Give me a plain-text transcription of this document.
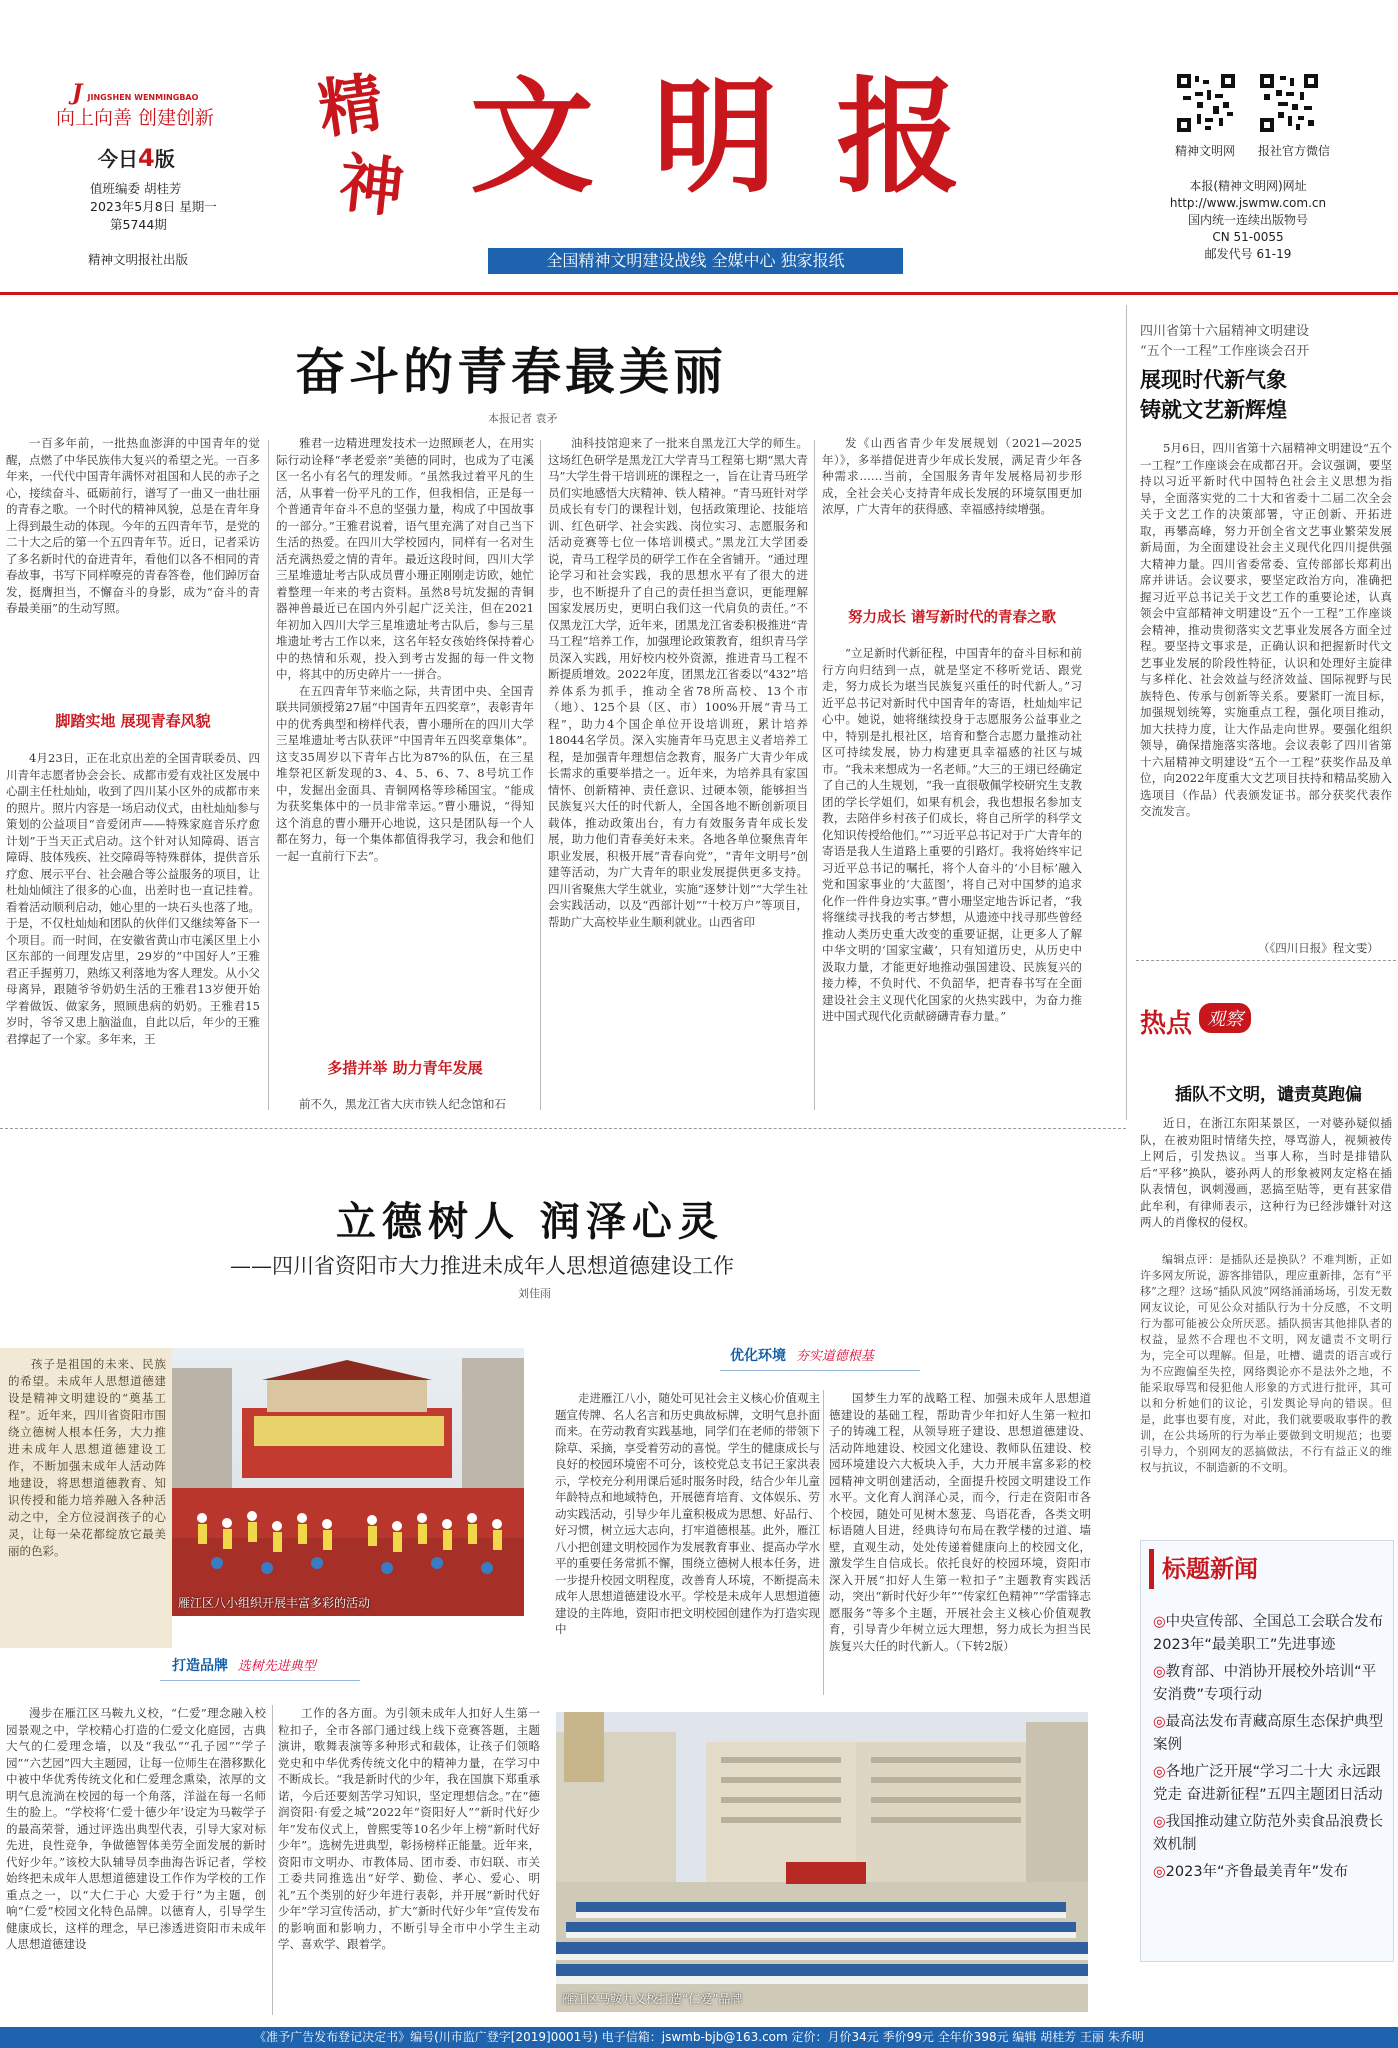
J JINGSHEN WENMINGBAO
向上向善 创建创新
今日4版
值班编委 胡桂芳
2023年5月8日 星期一
第5744期
精神文明报社出版
精
神 文 明 报
全国精神文明建设战线 全媒中心 独家报纸
精神文明网 报社官方微信
本报(精神文明网)网址
http://www.jswmw.com.cn
国内统一连续出版物号
CN 51-0055
邮发代号 61-19
奋斗的青春最美丽
本报记者 袁矛

一百多年前，一批热血澎湃的中国青年的觉醒，点燃了中华民族伟大复兴的希望之光。一百多年来，一代代中国青年满怀对祖国和人民的赤子之心，接续奋斗、砥砺前行，谱写了一曲又一曲壮丽的青春之歌。一个时代的精神风貌，总是在青年身上得到最生动的体现。今年的五四青年节，是党的二十大之后的第一个五四青年节。近日，记者采访了多名新时代的奋进青年，看他们以各不相同的青春故事，书写下同样嘹亮的青春答卷，他们踔厉奋发，挺膺担当，不懈奋斗的身影，成为“奋斗的青春最美丽”的生动写照。

脚踏实地 展现青春风貌

4月23日，正在北京出差的全国青联委员、四川青年志愿者协会会长、成都市爱有戏社区发展中心副主任杜灿灿，收到了四川某小区外的成都市来的照片。照片内容是一场启动仪式，由杜灿灿参与策划的公益项目“音爱闭声——特殊家庭音乐疗愈计划”于当天正式启动。这个针对认知障碍、语言障碍、肢体残疾、社交障碍等特殊群体，提供音乐疗愈、展示平台、社会融合等公益服务的项目，让杜灿灿倾注了很多的心血，出差时也一直记挂着。看着活动顺利启动，她心里的一块石头也落了地。于是，不仅杜灿灿和团队的伙伴们又继续筹备下一个项目。而一时间，在安徽省黄山市屯溪区里上小区东部的一间理发店里，29岁的“中国好人”王雅君正手握剪刀，熟练又利落地为客人理发。从小父母离异，跟随爷爷奶奶生活的王雅君13岁便开始学着做饭、做家务，照顾患病的奶奶。王雅君15岁时，爷爷又患上脑溢血，自此以后，年少的王雅君撑起了一个家。多年来，王

雅君一边精进理发技术一边照顾老人，在用实际行动诠释“孝老爱亲”美德的同时，也成为了屯溪区一名小有名气的理发师。“虽然我过着平凡的生活，从事着一份平凡的工作，但我相信，正是每一个普通青年奋斗不息的坚强力量，构成了中国故事的一部分。”王雅君说着，语气里充满了对自己当下生活的热爱。在四川大学校园内，同样有一名对生活充满热爱之情的青年。最近这段时间，四川大学三星堆遗址考古队成员曹小珊正刚刚走访欧，她忙着整理一年来的考古资料。虽然8号坑发掘的青铜器神兽最近已在国内外引起广泛关注，但在2021年初加入四川大学三星堆遗址考古队后，参与三星堆遗址考古工作以来，这名年轻女孩始终保持着心中的热情和乐观，投入到考古发掘的每一件文物中，将其中的历史碎片一一拼合。

在五四青年节来临之际，共青团中央、全国青联共同颁授第27届“中国青年五四奖章”，表彰青年中的优秀典型和榜样代表，曹小珊所在的四川大学三星堆遗址考古队获评“中国青年五四奖章集体”。这支35周岁以下青年占比为87%的队伍，在三星堆祭祀区新发现的3、4、5、6、7、8号坑工作中，发掘出金面具、青铜网格等珍稀国宝。“能成为获奖集体中的一员非常幸运。”曹小珊说，“得知这个消息的曹小珊开心地说，这只是团队每一个人都在努力，每一个集体都值得我学习，我会和他们一起一直前行下去”。

多措并举 助力青年发展

前不久，黑龙江省大庆市铁人纪念馆和石

油科技馆迎来了一批来自黑龙江大学的师生。这场红色研学是黑龙江大学青马工程第七期“黑大青马”大学生骨干培训班的课程之一，旨在让青马班学员们实地感悟大庆精神、铁人精神。“青马班针对学员成长有专门的课程计划，包括政策理论、技能培训、红色研学、社会实践、岗位实习、志愿服务和活动竞赛等七位一体培训模式。”黑龙江大学团委说，青马工程学员的研学工作在全省铺开。“通过理论学习和社会实践，我的思想水平有了很大的进步，也不断提升了自己的责任担当意识，更能理解国家发展历史，更明白我们这一代肩负的责任。”不仅黑龙江大学，近年来，团黑龙江省委积极推进“青马工程”培养工作，加强理论政策教育，组织青马学员深入实践，用好校内校外资源，推进青马工程不断提质增效。2022年度，团黑龙江省委以“432”培养体系为抓手，推动全省78所高校、13个市（地）、125个县（区、市）100%开展“青马工程”，助力4个国企单位开设培训班，累计培养18044名学员。深入实施青年马克思主义者培养工程，是加强青年理想信念教育，服务广大青少年成长需求的重要举措之一。近年来，为培养具有家国情怀、创新精神、责任意识、过硬本领，能够担当民族复兴大任的时代新人，全国各地不断创新项目载体，推动政策出台，有力有效服务青年成长发展，助力他们青春美好未来。各地各单位聚焦青年职业发展，积极开展“青春向党”，“青年文明号”创建等活动，为广大青年的职业发展提供更多支持。四川省聚焦大学生就业，实施“逐梦计划”“大学生社会实践活动，以及“西部计划”“十校万户”等项目，帮助广大高校毕业生顺利就业。山西省印

发《山西省青少年发展规划（2021—2025年）》，多举措促进青少年成长发展，满足青少年各种需求……当前，全国服务青年发展格局初步形成，全社会关心支持青年成长发展的环境氛围更加浓厚，广大青年的获得感、幸福感持续增强。

努力成长 谱写新时代的青春之歌

“立足新时代新征程，中国青年的奋斗目标和前行方向归结到一点，就是坚定不移听党话、跟党走，努力成长为堪当民族复兴重任的时代新人。”习近平总书记对新时代中国青年的寄语，杜灿灿牢记心中。她说，她将继续投身于志愿服务公益事业之中，特别是扎根社区，培育和整合志愿力量推动社区可持续发展，协力构建更具幸福感的社区与城市。“我未来想成为一名老师。”大三的王翊已经确定了自己的人生规划，“我一直很敬佩学校研究生支教团的学长学姐们，如果有机会，我也想报名参加支教，去陪伴乡村孩子们成长，将自己所学的科学文化知识传授给他们。”“习近平总书记对于广大青年的寄语是我人生道路上重要的引路灯。我将始终牢记习近平总书记的嘱托，将个人奋斗的‘小目标’融入党和国家事业的‘大蓝图’，将自己对中国梦的追求化作一件件身边实事。”曹小珊坚定地告诉记者，“我将继续寻找我的考古梦想，从遗迹中找寻那些曾经推动人类历史重大改变的重要证据，让更多人了解中华文明的‘国家宝藏’，只有知道历史，从历史中汲取力量，才能更好地推动强国建设、民族复兴的接力棒，不负时代、不负韶华，把青春书写在全面建设社会主义现代化国家的火热实践中，为奋力推进中国式现代化贡献磅礴青春力量。”

四川省第十六届精神文明建设
“五个一工程”工作座谈会召开
展现时代新气象
铸就文艺新辉煌

5月6日，四川省第十六届精神文明建设“五个一工程”工作座谈会在成都召开。会议强调，要坚持以习近平新时代中国特色社会主义思想为指导，全面落实党的二十大和省委十二届二次全会关于文艺工作的决策部署，守正创新、开拓进取，再攀高峰，努力开创全省文艺事业繁荣发展新局面，为全面建设社会主义现代化四川提供强大精神力量。四川省委常委、宣传部部长郑莉出席并讲话。会议要求，要坚定政治方向，准确把握习近平总书记关于文艺工作的重要论述，认真领会中宣部精神文明建设“五个一工程”工作座谈会精神，推动贵彻落实文艺事业发展各方面全过程。要坚持文事求是，正确认识和把握新时代文艺事业发展的阶段性特征，认识和处理好主旋律与多样化、社会效益与经济效益、国际视野与民族特色、传承与创新等关系。要紧盯一流目标，加强规划统筹，实施重点工程，强化项目推动，加大扶持力度，让大作品走向世界。要强化组织领导，确保措施落实落地。会议表彰了四川省第十六届精神文明建设“五个一工程”获奖作品及单位，向2022年度重大文艺项目扶持和精品奖励入选项目（作品）代表颁发证书。部分获奖代表作交流发言。

（《四川日报》程文雯）
热点 观察
插队不文明，谴责莫跑偏

近日，在浙江东阳某景区，一对婆孙疑似插队，在被劝阻时情绪失控，辱骂游人，视频被传上网后，引发热议。当事人称，当时是排错队后“平移”换队，婆孙两人的形象被网友定格在插队表情包，讽刺漫画，恶搞至贴等，更有甚家借此牟利，有律师表示，这种行为已经涉嫌针对这两人的肖像权的侵权。

编辑点评：是插队还是换队？不难判断，正如许多网友所说，游客排错队，理应重新排，怎有“平移”之理？这场“插队风波”网络涌涌场场，引发无数网友议论，可见公众对插队行为十分反感，不文明行为都可能被公众所厌恶。插队损害其他排队者的权益，显然不合理也不文明，网友谴责不文明行为，完全可以理解。但是，吐槽、谴责的语言或行为不应跑偏至失控，网络舆论亦不是法外之地，不能采取辱骂和侵犯他人形象的方式进行批评，其可以和分析她们的议论，引发舆论导向的错误。但是，此事也要有度，对此，我们就要吸取事件的教训，在公共场所的行为举止要做到文明规范；也要引导力，个别网友的恶搞做法，不行有益正义的维权与抗议，不制造新的不文明。

标题新闻
◎中央宣传部、全国总工会联合发布2023年“最美职工”先进事迹
◎教育部、中消协开展校外培训“平安消费”专项行动
◎最高法发布青藏高原生态保护典型案例
◎各地广泛开展“学习二十大 永远跟党走 奋进新征程”五四主题团日活动
◎我国推动建立防范外卖食品浪费长效机制
◎2023年“齐鲁最美青年”发布
立德树人 润泽心灵
——四川省资阳市大力推进未成年人思想道德建设工作
刘佳雨

孩子是祖国的未来、民族的希望。未成年人思想道德建设是精神文明建设的“奠基工程”。近年来，四川省资阳市围绕立德树人根本任务，大力推进未成年人思想道德建设工作，不断加强未成年人活动阵地建设，将思想道德教育、知识传授和能力培养融入各种活动之中，全方位浸润孩子的心灵，让每一朵花都绽放它最美丽的色彩。

雁江区八小组织开展丰富多彩的活动
优化环境 夯实道德根基

走进雁江八小，随处可见社会主义核心价值观主题宣传牌、名人名言和历史典故标牌，文明气息扑面而来。在劳动教育实践基地，同学们在老师的带领下除草、采摘，享受着劳动的喜悦。学生的健康成长与良好的校园环境密不可分，该校党总支书记王家洪表示，学校充分利用课后延时服务时段，结合少年儿童年龄特点和地域特色，开展德育培育、文体娱乐、劳动实践活动，引导少年儿童积极成为思想、好品行、好习惯，树立远大志向，打牢道德根基。此外，雁江八小把创建文明校园作为发展教育事业、提高办学水平的重要任务常抓不懈，围绕立德树人根本任务，进一步提升校园文明程度，改善育人环境，不断提高未成年人思想道德建设水平。学校是未成年人思想道德建设的主阵地，资阳市把文明校园创建作为打造实现中

国梦生力军的战略工程、加强未成年人思想道德建设的基础工程，帮助青少年扣好人生第一粒扣子的铸魂工程，从领导班子建设、思想道德建设、活动阵地建设、校园文化建设、教师队伍建设、校园环境建设六大板块入手，大力开展丰富多彩的校园精神文明创建活动，全面提升校园文明建设工作水平。文化育人润泽心灵，而今，行走在资阳市各个校园，随处可见树木葱茏、鸟语花香，各类文明标语随人目进，经典诗句布局在教学楼的过道、墙壁，直观生动，处处传递着健康向上的校园文化，激发学生自信成长。依托良好的校园环境，资阳市深入开展“扣好人生第一粒扣子”主题教育实践活动，突出“新时代好少年”“传家红色精神”“学雷锋志愿服务”等多个主题，开展社会主义核心价值观教育，引导青少年树立远大理想，努力成长为担当民族复兴大任的时代新人。（下转2版）

打造品牌 选树先进典型

漫步在雁江区马鞍九义校，“仁爱”理念融入校园景观之中，学校精心打造的仁爱文化庭园，古典大气的仁爱理念墙，以及“我弘”“孔子园”“学子园”“六艺园”四大主题园，让每一位师生在潜移默化中被中华优秀传统文化和仁爱理念熏染，浓厚的文明气息流淌在校园的每一个角落，洋溢在每一名师生的脸上。“学校将‘仁爱十德少年’设定为马鞍学子的最高荣誉，通过评选出典型代表，引导大家对标先进，良性竞争，争做德智体美劳全面发展的新时代好少年。”该校大队辅导员李曲海告诉记者，学校始终把未成年人思想道德建设工作作为学校的工作重点之一，以“大仁于心 大爱于行”为主题，创响“仁爱”校园文化特色品牌。以德育人，引导学生健康成长，这样的理念，早已渗透进资阳市未成年人思想道德建设

工作的各方面。为引领未成年人扣好人生第一粒扣子，全市各部门通过线上线下竞赛答题，主题演讲，歌舞表演等多种形式和载体，让孩子们领略党史和中华优秀传统文化中的精神力量，在学习中不断成长。“我是新时代的少年，我在国旗下郑重承诺，今后还要刻苦学习知识，坚定理想信念。”在“德润资阳·有爱之城”2022年“资阳好人”“新时代好少年”发布仪式上，曾熙雯等10名少年上榜“新时代好少年”。选树先进典型，彰扬榜样正能量。近年来，资阳市文明办、市教体局、团市委、市妇联、市关工委共同推选出“好学、勤俭、孝心、爱心、明礼”五个类别的好少年进行表彰，并开展“新时代好少年”学习宣传活动，扩大“新时代好少年”宣传发布的影响面和影响力，不断引导全市中小学生主动学、喜欢学、跟着学。

雁江区马鞍九义校打造“仁爱”品牌
《准予广告发布登记决定书》编号(川市监广登字[2019]0001号) 电子信箱：jswmb-bjb@163.com 定价：月价34元 季价99元 全年价398元 编辑 胡桂芳 王丽 朱乔明
